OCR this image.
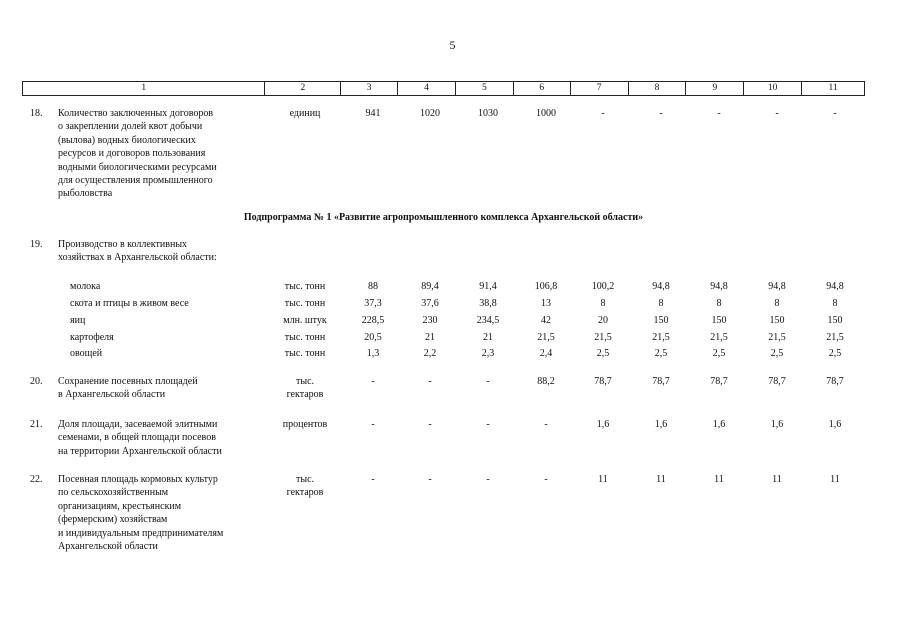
5
1	2	3	4	5	6	7	8	9	10	11
18. Количество заключенных договоров
о закреплении долей квот добычи
(вылова) водных биологических
ресурсов и договоров пользования
водными биологическими ресурсами
для осуществления промышленного
рыболовства
единиц	941	1020	1030	1000	-	-	-	-	-
Подпрограмма № 1 «Развитие агропромышленного комплекса Архангельской области»
19. Производство в коллективных
хозяйствах в Архангельской области:
молока	тыс. тонн	88	89,4	91,4	106,8	100,2	94,8	94,8	94,8	94,8
скота и птицы в живом весе	тыс. тонн	37,3	37,6	38,8	13	8	8	8	8	8
яиц	млн. штук	228,5	230	234,5	42	20	150	150	150	150
картофеля	тыс. тонн	20,5	21	21	21,5	21,5	21,5	21,5	21,5	21,5
овощей	тыс. тонн	1,3	2,2	2,3	2,4	2,5	2,5	2,5	2,5	2,5
20. Сохранение посевных площадей
в Архангельской области
тыс.
гектаров
-	-	-	88,2	78,7	78,7	78,7	78,7	78,7
21. Доля площади, засеваемой элитными
семенами, в общей площади посевов
на территории Архангельской области
процентов	-	-	-	-	1,6	1,6	1,6	1,6	1,6
22. Посевная площадь кормовых культур
по сельскохозяйственным
организациям, крестьянским
(фермерским) хозяйствам
и индивидуальным предпринимателям
Архангельской области
тыс.
гектаров
-	-	-	-	11	11	11	11	11
